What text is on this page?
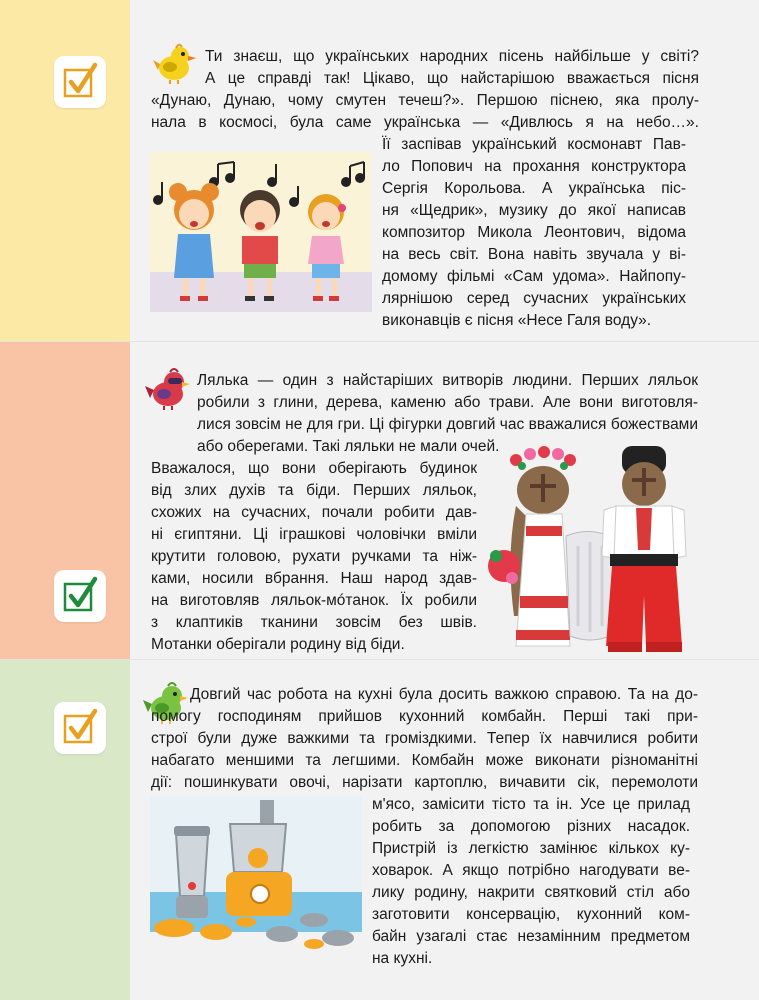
Ти знаєш, що українських народних пісень найбільше у світі?
А це справді так! Цікаво, що найстарішою вважається пісня
«Дунаю, Дунаю, чому смутен течеш?». Першою піснею, яка пролу-
нала в космосі, була саме українська — «Дивлюсь я на небо…».
Її заспівав український космонавт Пав-
ло Попович на прохання конструктора
Сергія Корольова. А українська піс-
ня «Щедрик», музику до якої написав
композитор Микола Леонтович, відома
на весь світ. Вона навіть звучала у ві-
домому фільмі «Сам удома». Найпопу-
лярнішою серед сучасних українських
виконавців є пісня «Несе Галя воду».
Лялька — один з найстаріших витворів людини. Перших ляльок
робили з глини, дерева, каменю або трави. Але вони виготовля-
лися зовсім не для гри. Ці фігурки довгий час вважалися божествами
або оберегами. Такі ляльки не мали очей.
Вважалося, що вони оберігають будинок
від злих духів та біди. Перших ляльок,
схожих на сучасних, почали робити дав-
ні єгиптяни. Ці іграшкові чоловічки вміли
крутити головою, рухати ручками та ніж-
ками, носили вбрання. Наш народ здав-
на виготовляв ляльок-мóтанок. Їх робили
з клаптиків тканини зовсім без швів.
Мотанки оберігали родину від біди.
Довгий час робота на кухні була досить важкою справою. Та на до-
помогу господиням прийшов кухонний комбайн. Перші такі при-
строї були дуже важкими та громіздкими. Тепер їх навчилися робити
набагато меншими та легшими. Комбайн може виконати різноманітні
дії: пошинкувати овочі, нарізати картоплю, вичавити сік, перемолоти
м'ясо, замісити тісто та ін. Усе це прилад
робить за допомогою різних насадок.
Пристрій із легкістю замінює кількох ку-
ховарок. А якщо потрібно нагодувати ве-
лику родину, накрити святковий стіл або
заготовити консервацію, кухонний ком-
байн узагалі стає незамінним предметом
на кухні.
